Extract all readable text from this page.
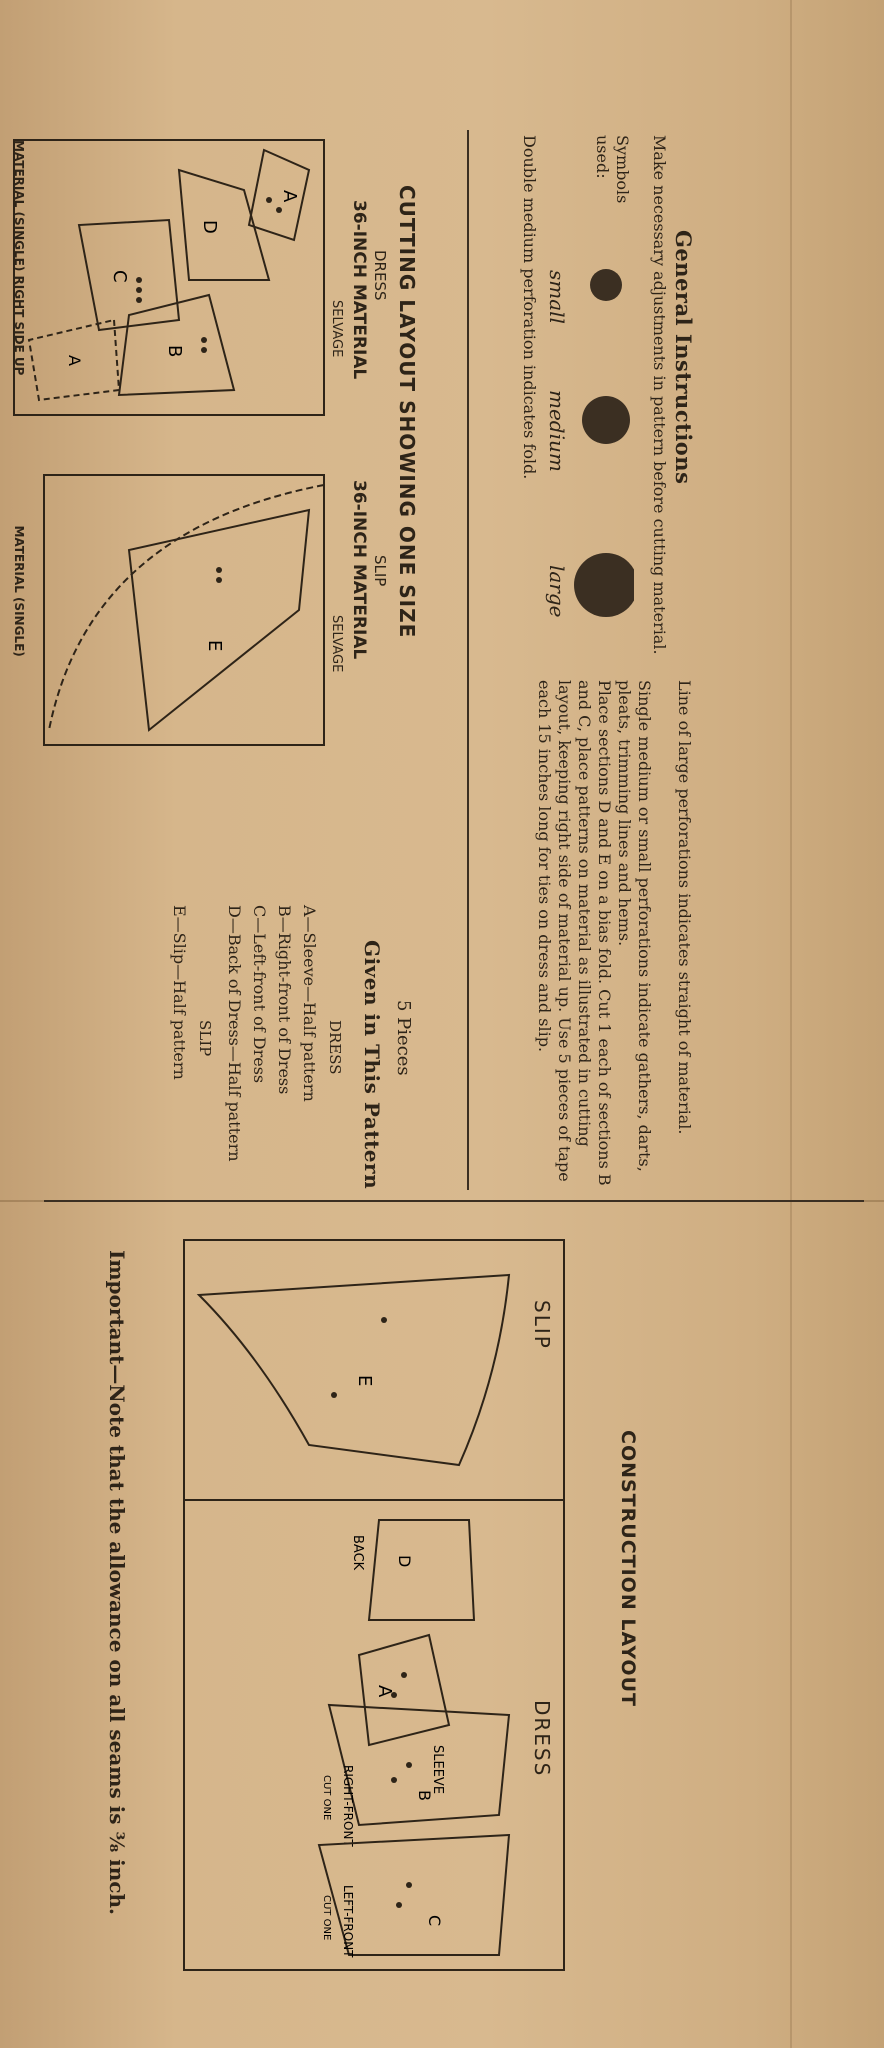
General Instructions
Make necessary adjustments in pattern before cutting material.
Symbols used:
small
medium
large
Double medium perforation indicates fold.
Line of large perforations indicates straight of material.
Single medium or small perforations indicate gathers, darts, pleats, trimming lines and hems.
Place sections D and E on a bias fold. Cut 1 each of sections B and C, place patterns on material as illustrated in cutting layout, keeping right side of material up. Use 5 pieces of tape each 15 inches long for ties on dress and slip.
CUTTING LAYOUT SHOWING ONE SIZE
DRESS
36-INCH MATERIAL
SELVAGE
SLIP
36-INCH MATERIAL
SELVAGE
A
D
C
B
A
E
5 Pieces
Given in This Pattern
DRESS
A—Sleeve—Half pattern
B—Right-front of Dress
C—Left-front of Dress
D—Back of Dress—Half pattern
SLIP
E—Slip—Half pattern
CONSTRUCTION LAYOUT
SLIP
DRESS
E
D
BACK
A
SLEEVE
B
RIGHT-FRONT
CUT ONE
C
LEFT-FRONT
CUT ONE
Important—Note that the allowance on all seams is ⅜ inch.
MATERIAL (SINGLE) RIGHT SIDE UPMATERIAL (SINGLE)
